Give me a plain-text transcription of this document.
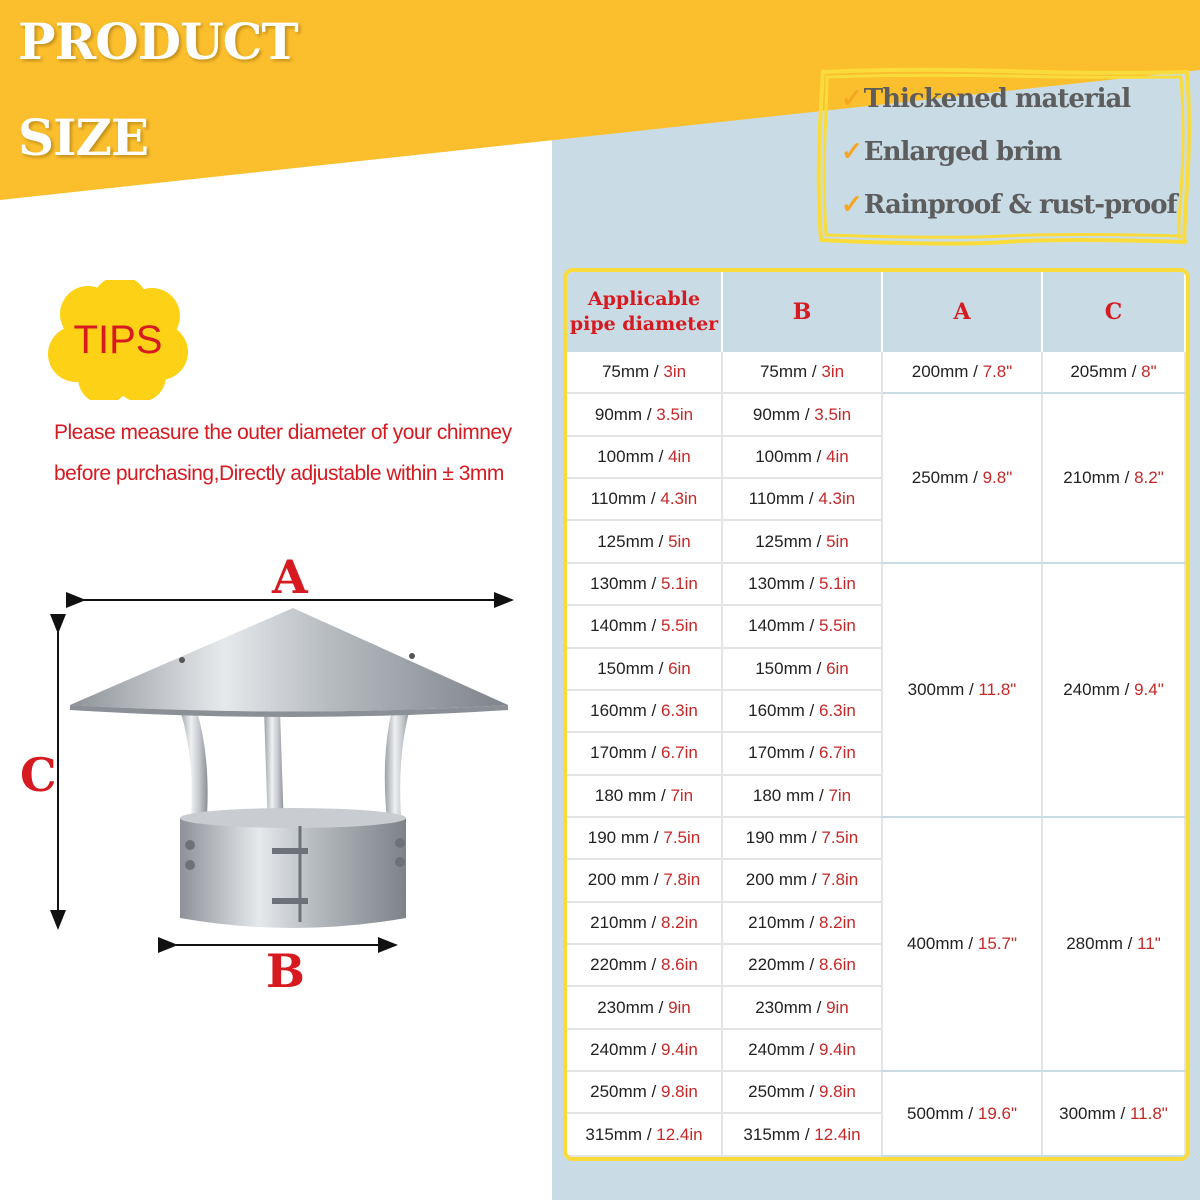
PRODUCT
SIZE
✓Thickened material
✓Enlarged brim
✓Rainproof & rust-proof
TIPS
Please measure the outer diameter of your chimney
before purchasing,Directly adjustable within ± 3mm
A
C
B
Applicable pipe diameter	B	A	C
75mm / 3in	75mm / 3in	200mm / 7.8"	205mm / 8"
90mm / 3.5in	90mm / 3.5in	250mm / 9.8"	210mm / 8.2"
100mm / 4in	100mm / 4in		
110mm / 4.3in	110mm / 4.3in		
125mm / 5in	125mm / 5in		
130mm / 5.1in	130mm / 5.1in	300mm / 11.8"	240mm / 9.4"
140mm / 5.5in	140mm / 5.5in		
150mm / 6in	150mm / 6in		
160mm / 6.3in	160mm / 6.3in		
170mm / 6.7in	170mm / 6.7in		
180 mm / 7in	180 mm / 7in		
190 mm / 7.5in	190 mm / 7.5in	400mm / 15.7"	280mm / 11"
200 mm / 7.8in	200 mm / 7.8in		
210mm / 8.2in	210mm / 8.2in		
220mm / 8.6in	220mm / 8.6in		
230mm / 9in	230mm / 9in		
240mm / 9.4in	240mm / 9.4in		
250mm / 9.8in	250mm / 9.8in	500mm / 19.6"	300mm / 11.8"
315mm / 12.4in	315mm / 12.4in		
